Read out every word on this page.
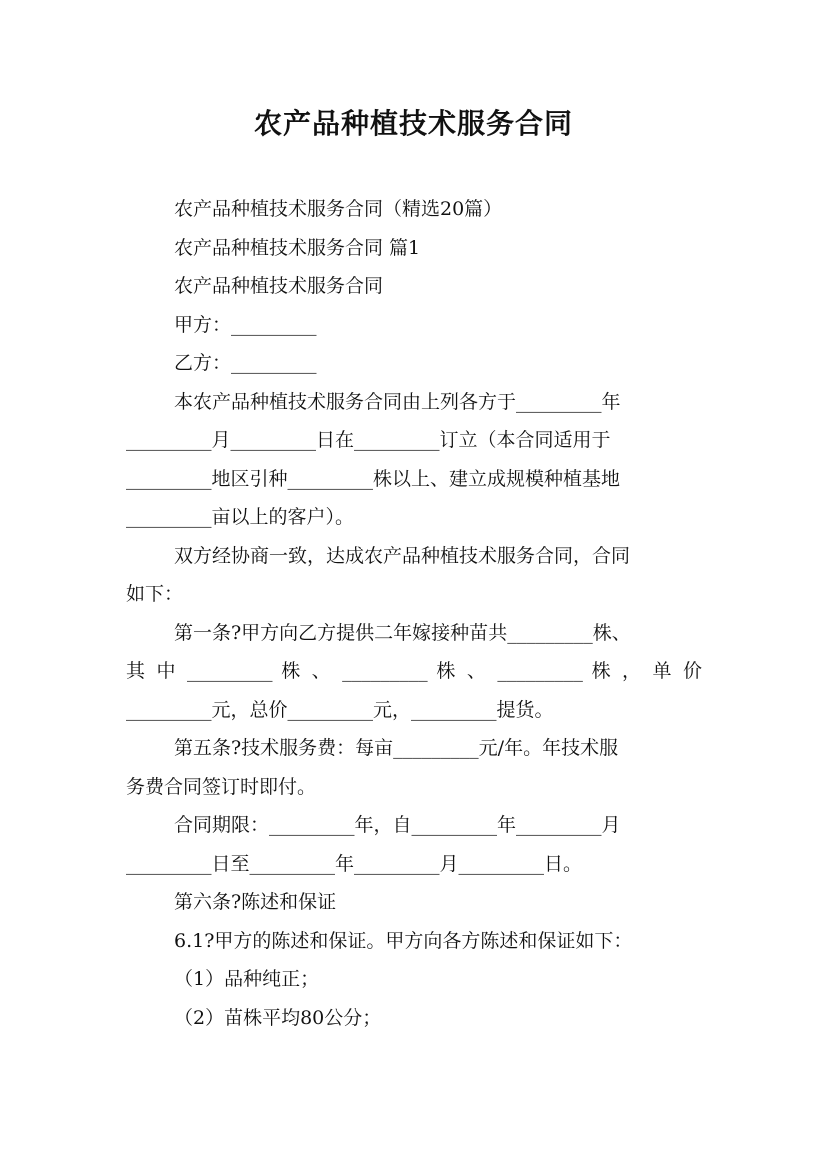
农产品种植技术服务合同
农产品种植技术服务合同（精选20篇）
农产品种植技术服务合同 篇1
农产品种植技术服务合同
甲方：_________
乙方：_________
本农产品种植技术服务合同由上列各方于_________年
_________月_________日在_________订立（本合同适用于
_________地区引种_________株以上、建立成规模种植基地
_________亩以上的客户）。
双方经协商一致，达成农产品种植技术服务合同，合同
如下：
第一条?甲方向乙方提供二年嫁接种苗共_________株、
其 中 _________ 株 、 _________ 株 、 _________ 株 ， 单 价
_________元，总价_________元，_________提货。
第五条?技术服务费：每亩_________元/年。年技术服
务费合同签订时即付。
合同期限：_________年，自_________年_________月
_________日至_________年_________月_________日。
第六条?陈述和保证
6.1?甲方的陈述和保证。甲方向各方陈述和保证如下：
（1）品种纯正；
（2）苗株平均80公分；
